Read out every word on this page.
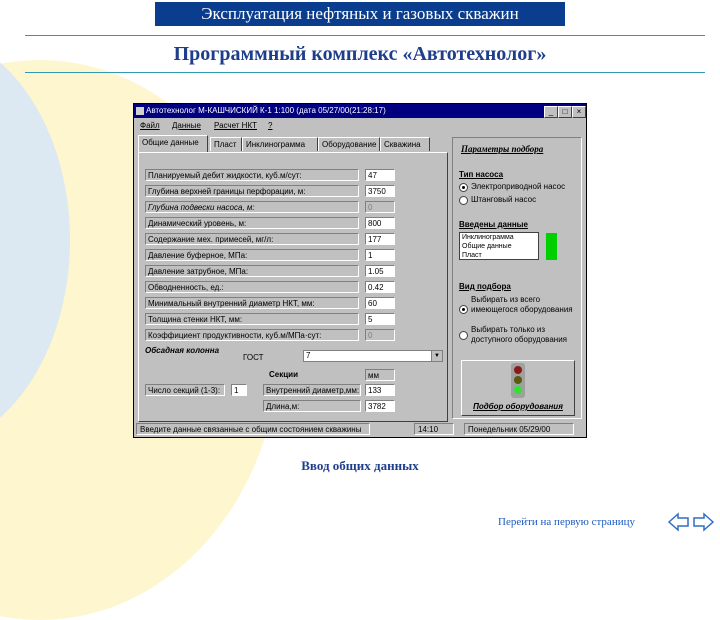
Эксплуатация нефтяных и газовых скважин
Программный комплекс «Автотехнолог»
Автотехнолог М-КАШЧИСКИЙ К-1 1:100 (дата 05/27/00(21:28:17)	_	□	×
Файл Данные Расчет НКТ ?
Общие данные	Пласт	Инклинограмма	Оборудование Скважина
Планируемый дебит жидкости, куб.м/сут:	47
Глубина верхней границы перфорации, м:	3750
Глубина подвески насоса, м:	0
Динамический уровень, м:	800
Содержание мех. примесей, мг/л:	177
Давление буферное, МПа:	1
Давление затрубное, МПа:	1.05
Обводненность, ед.:	0.42
Минимальный внутренний диаметр НКТ, мм:	60
Толщина стенки НКТ, мм:	5
Коэффициент продуктивности, куб.м/МПа·сут:	0
Обсадная колонна
ГОСТ	7	▼
Секции	мм
Число секций (1-3):	1	Внутренний диаметр,мм:	133
Длина,м:	3782
Параметры подбора
Тип насоса
Электроприводной насос
Штанговый насос
Введены данные
Инклинограмма
Общие данные
Пласт
Вид подбора
Выбирать из всего
имеющегося оборудования
Выбирать только из
доступного оборудования
Подбор оборудования
Введите данные связанные с общим состоянием скважины	14:10	Понедельник 05/29/00
Ввод общих данных
Перейти на первую страницу
